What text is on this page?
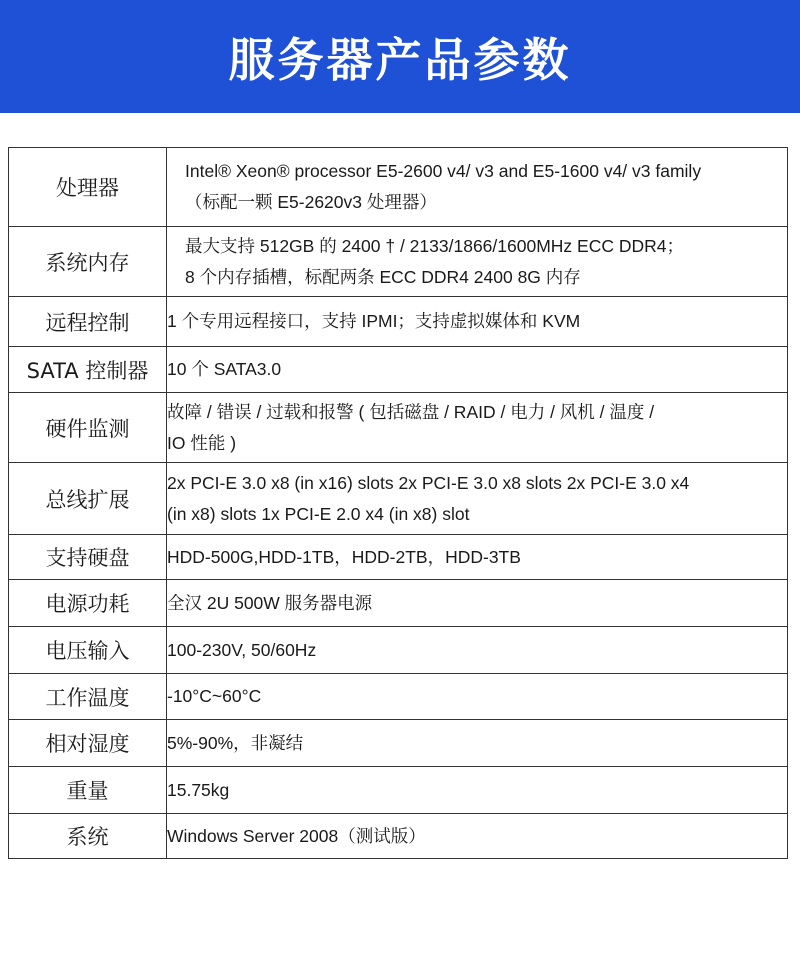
服务器产品参数
处理器	Intel® Xeon® processor E5-2600 v4/ v3 and E5-1600 v4/ v3 family
（标配一颗 E5-2620v3 处理器）

系统内存	最大支持 512GB 的 2400 † / 2133/1866/1600MHz ECC DDR4；
8 个内存插槽，标配两条 ECC DDR4 2400 8G 内存

远程控制	1 个专用远程接口，支持 IPMI；支持虚拟媒体和 KVM

SATA 控制器	10 个 SATA3.0

硬件监测	故障 / 错误 / 过载和报警 ( 包括磁盘 / RAID / 电力 / 风机 / 温度 /
IO 性能 )

总线扩展	2x PCI-E 3.0 x8 (in x16) slots 2x PCI-E 3.0 x8 slots 2x PCI-E 3.0 x4
(in x8) slots 1x PCI-E 2.0 x4 (in x8) slot

支持硬盘	HDD-500G,HDD-1TB，HDD-2TB，HDD-3TB

电源功耗	全汉 2U 500W 服务器电源

电压输入	100-230V, 50/60Hz

工作温度	-10°C~60°C

相对湿度	5%-90%，非凝结

重量	15.75kg

系统	Windows Server 2008（测试版）
